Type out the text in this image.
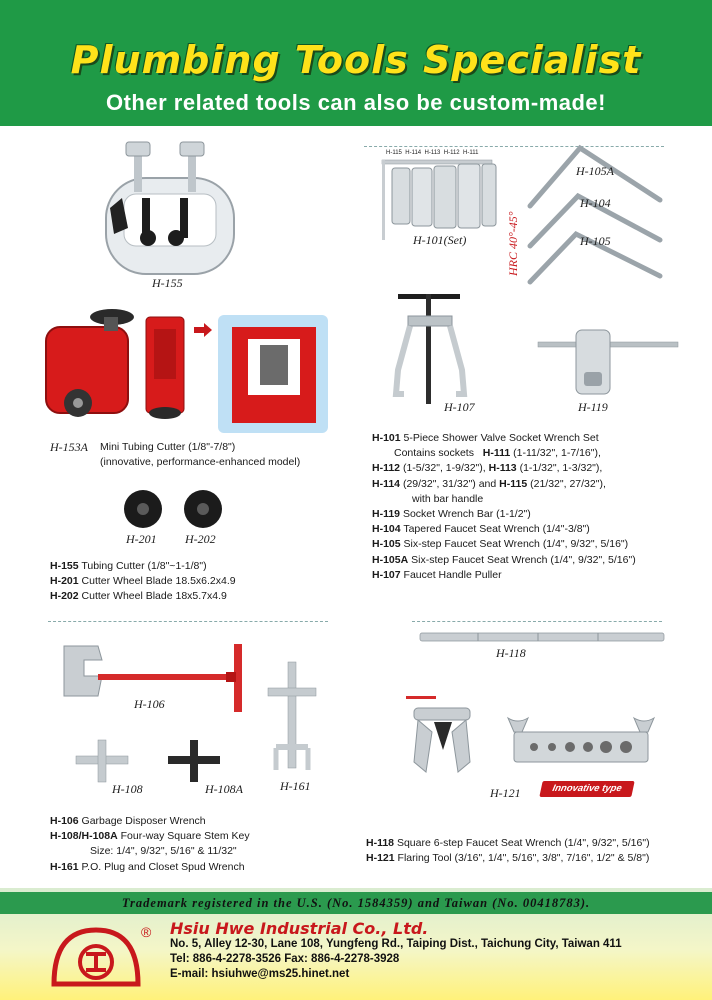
Plumbing Tools Specialist
Other related tools can also be custom-made!
H-155
H-153A Mini Tubing Cutter (1/8"-7/8")
(innovative, performance-enhanced model)
H-201 H-202
H-155 Tubing Cutter (1/8"~1-1/8")
H-201 Cutter Wheel Blade 18.5x6.2x4.9
H-202 Cutter Wheel Blade 18x5.7x4.9
H-115 H-114 H-113 H-112 H-111
H-101(Set)
H-105A
H-104
H-105
HRC 40°-45°
H-107	H-119
H-101 5-Piece Shower Valve Socket Wrench Set
Contains sockets H-111 (1-11/32", 1-7/16"),
H-112 (1-5/32", 1-9/32"), H-113 (1-1/32", 1-3/32"),
H-114 (29/32", 31/32") and H-115 (21/32", 27/32"),
with bar handle
H-119 Socket Wrench Bar (1-1/2")
H-104 Tapered Faucet Seat Wrench (1/4"-3/8")
H-105 Six-step Faucet Seat Wrench (1/4", 9/32", 5/16")
H-105A Six-step Faucet Seat Wrench (1/4", 9/32", 5/16")
H-107 Faucet Handle Puller
H-106
H-161
H-108	H-108A
H-106 Garbage Disposer Wrench
H-108/H-108A Four-way Square Stem Key
Size: 1/4", 9/32", 5/16" & 11/32"
H-161 P.O. Plug and Closet Spud Wrench
H-118
H-121	Innovative type
H-118 Square 6-step Faucet Seat Wrench (1/4", 9/32", 5/16")
H-121 Flaring Tool (3/16", 1/4", 5/16", 3/8", 7/16", 1/2" & 5/8")
Trademark registered in the U.S. (No. 1584359) and Taiwan (No. 00418783).
® Hsiu Hwe Industrial Co., Ltd.
No. 5, Alley 12-30, Lane 108, Yungfeng Rd., Taiping Dist., Taichung City, Taiwan 411
Tel: 886-4-2278-3526 Fax: 886-4-2278-3928
E-mail: hsiuhwe@ms25.hinet.net
